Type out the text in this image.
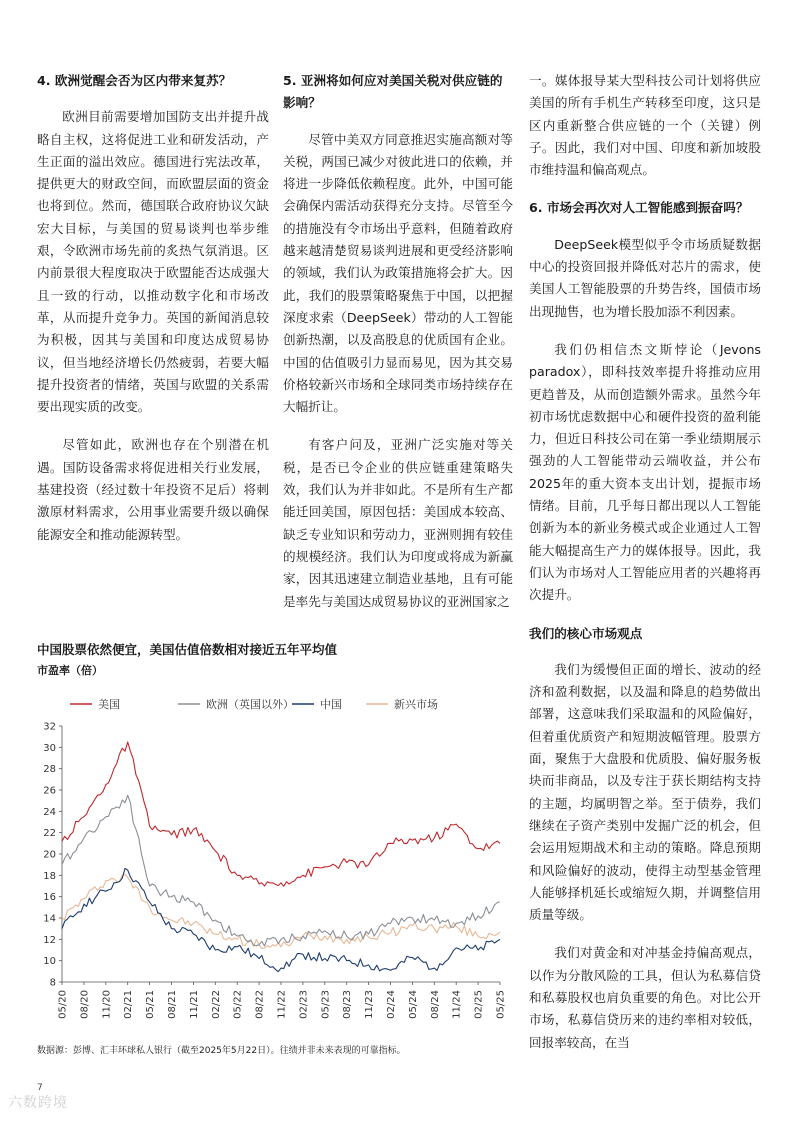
4. 欧洲觉醒会否为区内带来复苏？
欧洲目前需要增加国防支出并提升战略自主权，这将促进工业和研发活动，产生正面的溢出效应。德国进行宪法改革，提供更大的财政空间，而欧盟层面的资金也将到位。然而，德国联合政府协议欠缺宏大目标，与美国的贸易谈判也举步维艰，令欧洲市场先前的炙热气氛消退。区内前景很大程度取决于欧盟能否达成强大且一致的行动，以推动数字化和市场改革，从而提升竞争力。英国的新闻消息较为积极，因其与美国和印度达成贸易协议，但当地经济增长仍然疲弱，若要大幅提升投资者的情绪，英国与欧盟的关系需要出现实质的改变。
尽管如此，欧洲也存在个别潜在机遇。国防设备需求将促进相关行业发展，基建投资（经过数十年投资不足后）将刺激原材料需求，公用事业需要升级以确保能源安全和推动能源转型。
5. 亚洲将如何应对美国关税对供应链的影响？
尽管中美双方同意推迟实施高额对等关税，两国已减少对彼此进口的依赖，并将进一步降低依赖程度。此外，中国可能会确保内需活动获得充分支持。尽管至今的措施没有令市场出乎意料，但随着政府越来越清楚贸易谈判进展和更受经济影响的领域，我们认为政策措施将会扩大。因此，我们的股票策略聚焦于中国，以把握深度求索（DeepSeek）带动的人工智能创新热潮，以及高股息的优质国有企业。中国的估值吸引力显而易见，因为其交易价格较新兴市场和全球同类市场持续存在大幅折让。
有客户问及，亚洲广泛实施对等关税，是否已令企业的供应链重建策略失效，我们认为并非如此。不是所有生产都能迁回美国，原因包括：美国成本较高、缺乏专业知识和劳动力，亚洲则拥有较佳的规模经济。我们认为印度或将成为新赢家，因其迅速建立制造业基地，且有可能是率先与美国达成贸易协议的亚洲国家之
一。媒体报导某大型科技公司计划将供应美国的所有手机生产转移至印度，这只是区内重新整合供应链的一个（关键）例子。因此，我们对中国、印度和新加坡股市维持温和偏高观点。
6. 市场会再次对人工智能感到振奋吗？
DeepSeek模型似乎令市场质疑数据中心的投资回报并降低对芯片的需求，使美国人工智能股票的升势告终，国债市场出现抛售，也为增长股加添不利因素。
我们仍相信杰文斯悖论（Jevons paradox），即科技效率提升将推动应用更趋普及，从而创造额外需求。虽然今年初市场忧虑数据中心和硬件投资的盈利能力，但近日科技公司在第一季业绩期展示强劲的人工智能带动云端收益，并公布2025年的重大资本支出计划，提振市场情绪。目前，几乎每日都出现以人工智能创新为本的新业务模式或企业通过人工智能大幅提高生产力的媒体报导。因此，我们认为市场对人工智能应用者的兴趣将再次提升。
我们的核心市场观点
我们为缓慢但正面的增长、波动的经济和盈利数据，以及温和降息的趋势做出部署，这意味我们采取温和的风险偏好，但着重优质资产和短期波幅管理。股票方面，聚焦于大盘股和优质股、偏好服务板块而非商品，以及专注于获长期结构支持的主题，均属明智之举。至于债券，我们继续在子资产类别中发掘广泛的机会，但会运用短期战术和主动的策略。降息预期和风险偏好的波动，使得主动型基金管理人能够择机延长或缩短久期，并调整信用质量等级。
我们对黄金和对冲基金持偏高观点，以作为分散风险的工具，但认为私募信贷和私募股权也肩负重要的角色。对比公开市场，私募信贷历来的违约率相对较低，回报率较高，在当
中国股票依然便宜，美国估值倍数相对接近五年平均值
市盈率（倍）
美国	欧洲（英国以外） 中国	新兴市场
8
10
12
14
16
18
20
22
24
26
28
30
32
05/20 08/20 11/20 02/21 05/21 08/21 11/21 02/22 05/22 08/22 11/22 02/23 05/23 08/23 11/23 02/24 05/24 08/24 11/24 02/25 05/25
数据源：彭博、汇丰环球私人银行（截至2025年5月22日）。往绩并非未来表现的可靠指标。
7
六数跨境
